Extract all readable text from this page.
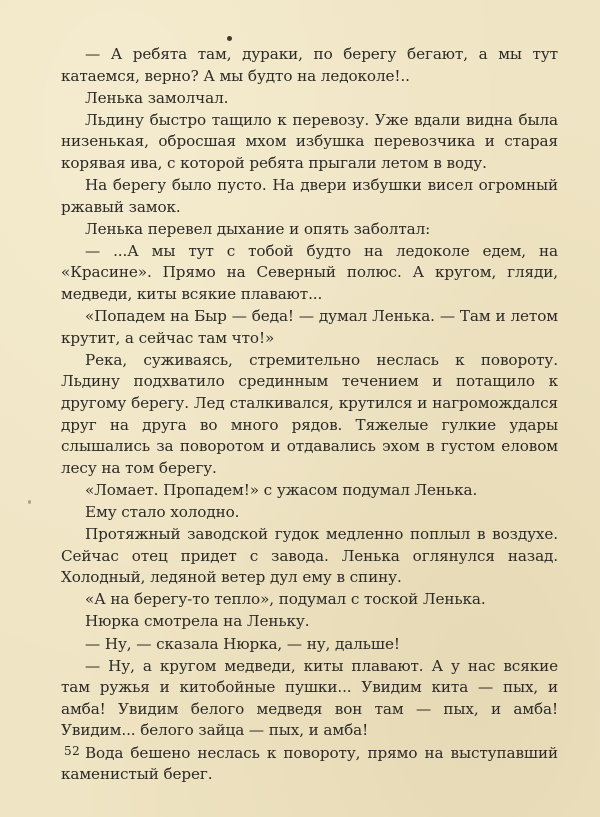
— А ребята там, дураки, по берегу бегают, а мы тут катаемся, верно? А мы будто на ледоколе!..

Ленька замолчал.

Льдину быстро тащило к перевозу. Уже вдали видна была низенькая, обросшая мхом избушка перевозчика и старая корявая ива, с которой ребята прыгали летом в воду.

На берегу было пусто. На двери избушки висел огромный ржавый замок.

Ленька перевел дыхание и опять заболтал:

— ...А мы тут с тобой будто на ледоколе едем, на «Красине». Прямо на Северный полюс. А кругом, гляди, медведи, киты всякие плавают...

«Попадем на Быр — беда! — думал Ленька. — Там и летом крутит, а сейчас там что!»

Река, суживаясь, стремительно неслась к повороту. Льдину подхватило срединным течением и потащило к другому берегу. Лед сталкивался, крутился и нагромождался друг на друга во много рядов. Тяжелые гулкие удары слышались за поворотом и отдавались эхом в густом еловом лесу на том берегу.

«Ломает. Пропадем!» с ужасом подумал Ленька.

Ему стало холодно.

Протяжный заводской гудок медленно поплыл в воздухе. Сейчас отец придет с завода. Ленька оглянулся назад. Холодный, ледяной ветер дул ему в спину.

«А на берегу-то тепло», подумал с тоской Ленька.

Нюрка смотрела на Леньку.

— Ну, — сказала Нюрка, — ну, дальше!

— Ну, а кругом медведи, киты плавают. А у нас всякие там ружья и китобойные пушки... Увидим кита — пых, и амба! Увидим белого медведя вон там — пых, и амба! Увидим... белого зайца — пых, и амба!

Вода бешено неслась к повороту, прямо на выступавший каменистый берег.

52
